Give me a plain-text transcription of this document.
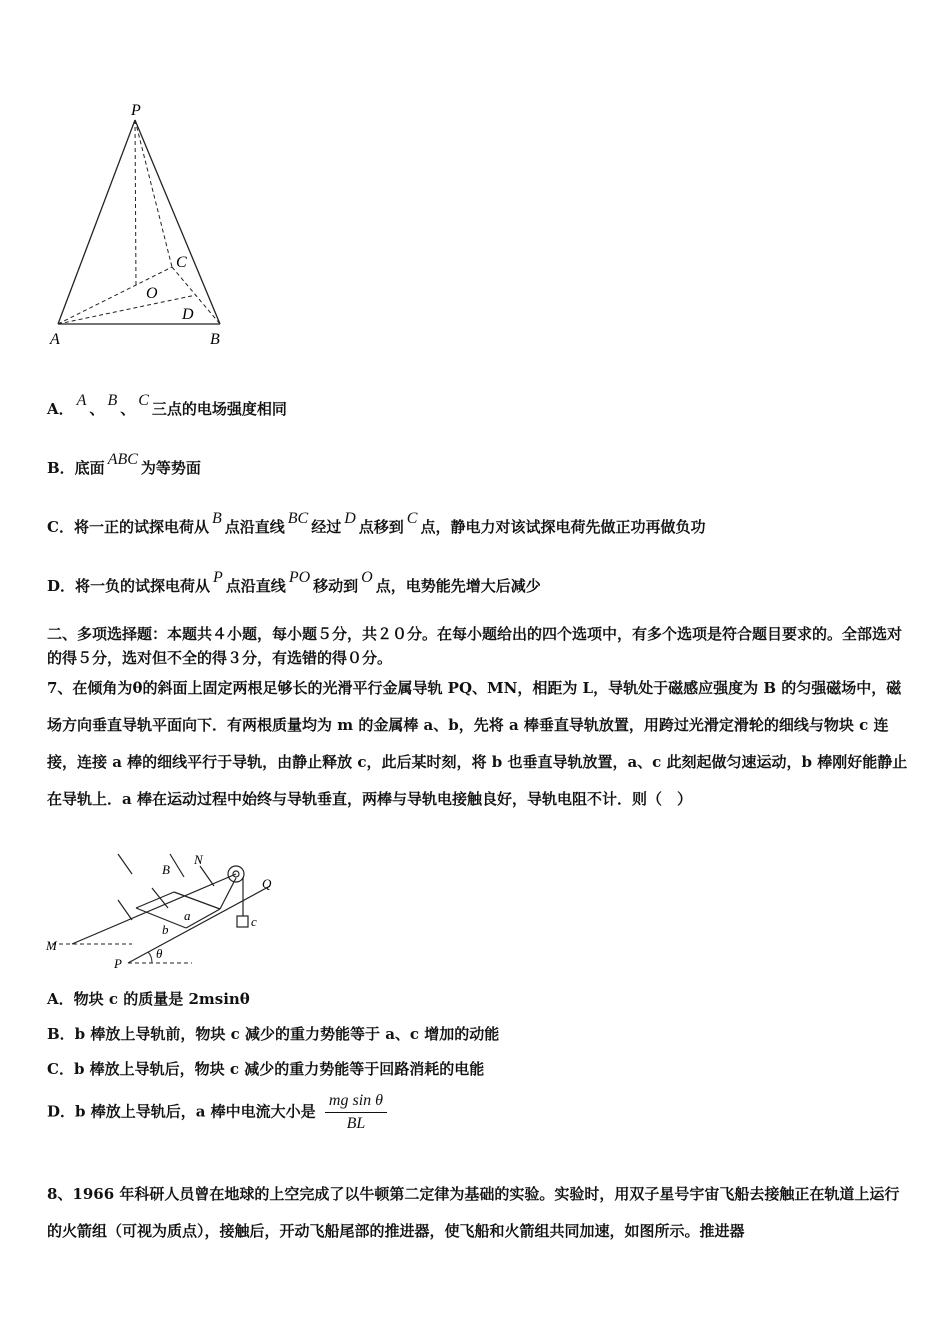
P
C
O
D
A	B
A． A 、 B 、 C 三点的电场强度相同
B．底面 ABC 为等势面
C．将一正的试探电荷从 B 点沿直线 BC 经过 D 点移到 C 点，静电力对该试探电荷先做正功再做负功
D．将一负的试探电荷从 P 点沿直线 PO 移动到 O 点，电势能先增大后减少
二、多项选择题：本题共４小题，每小题５分，共２０分。在每小题给出的四个选项中，有多个选项是符合题目要求的。全部选对的得５分，选对但不全的得３分，有选错的得０分。
7、在倾角为θ的斜面上固定两根足够长的光滑平行金属导轨 PQ、MN，相距为 L，导轨处于磁感应强度为 B 的匀强磁场中，磁场方向垂直导轨平面向下．有两根质量均为 m 的金属棒 a、b，先将 a 棒垂直导轨放置，用跨过光滑定滑轮的细线与物块 c 连接，连接 a 棒的细线平行于导轨，由静止释放 c，此后某时刻，将 b 也垂直导轨放置，a、c 此刻起做匀速运动，b 棒刚好能静止在导轨上．a 棒在运动过程中始终与导轨垂直，两棒与导轨电接触良好，导轨电阻不计．则（　）
N
B
Q
a
b
c
M
P
θ
A．物块 c 的质量是 2msinθ
B．b 棒放上导轨前，物块 c 减少的重力势能等于 a、c 增加的动能
C．b 棒放上导轨后，物块 c 减少的重力势能等于回路消耗的电能
D．b 棒放上导轨后，a 棒中电流大小是 $\frac{\text{mg sin θ}}{BL}$
8、1966 年科研人员曾在地球的上空完成了以牛顿第二定律为基础的实验。实验时，用双子星号宇宙飞船去接触正在轨道上运行的火箭组（可视为质点），接触后，开动飞船尾部的推进器，使飞船和火箭组共同加速，如图所示。推进器
